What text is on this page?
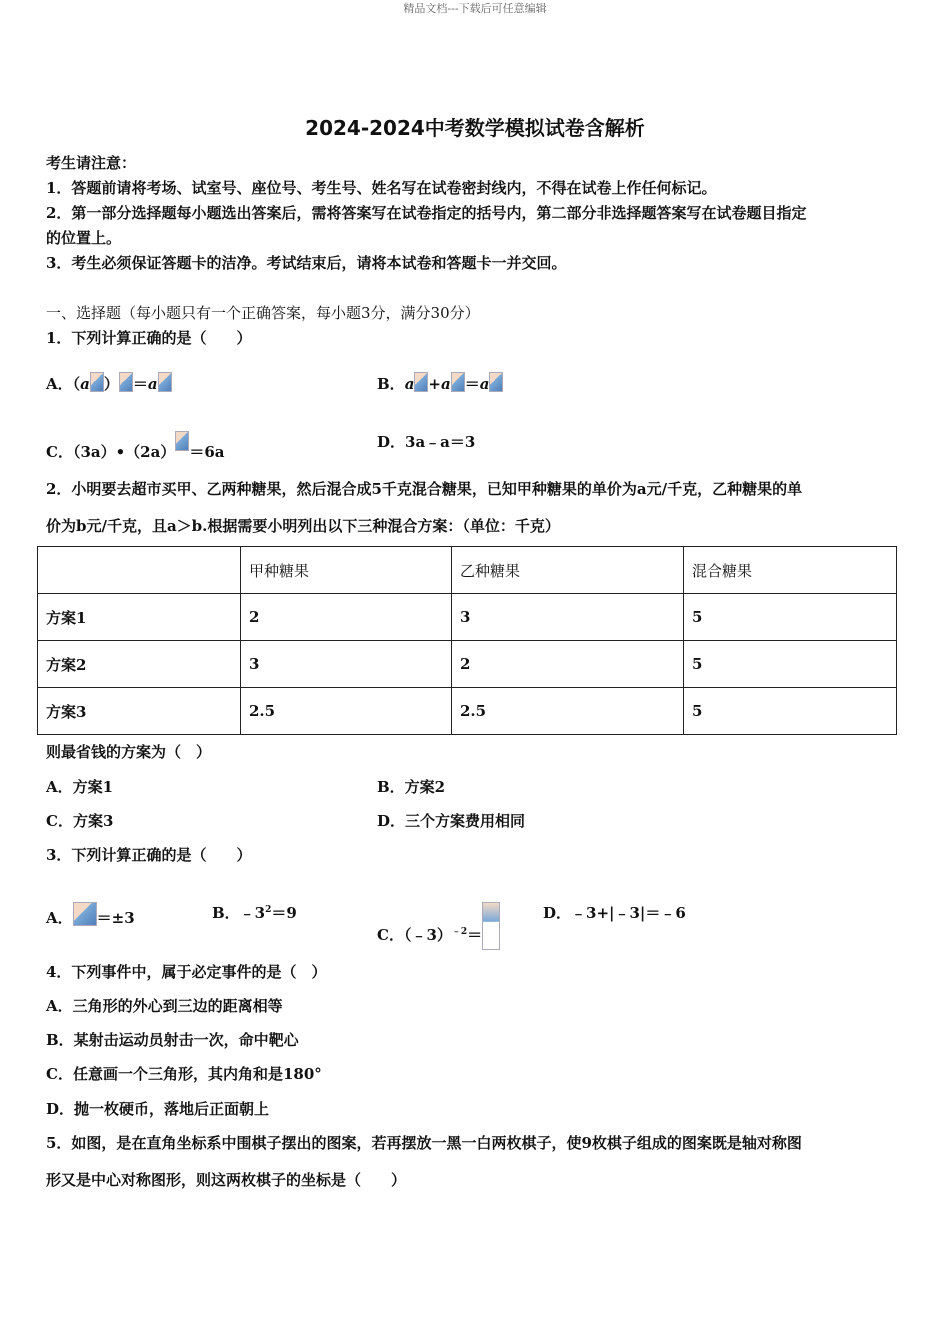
精品文档---下载后可任意编辑
2024-2024中考数学模拟试卷含解析
考生请注意：
1．答题前请将考场、试室号、座位号、考生号、姓名写在试卷密封线内，不得在试卷上作任何标记。
2．第一部分选择题每小题选出答案后，需将答案写在试卷指定的括号内，第二部分非选择题答案写在试卷题目指定
的位置上。
3．考生必须保证答题卡的洁净。考试结束后，请将本试卷和答题卡一并交回。
一、选择题（每小题只有一个正确答案，每小题3分，满分30分）
1．下列计算正确的是（　　）
A．（a ） ＝a	B．a +a ＝a
C．（3a）•（2a） ＝6a
D．3a﹣a＝3
2．小明要去超市买甲、乙两种糖果，然后混合成5千克混合糖果，已知甲种糖果的单价为a元/千克，乙种糖果的单
价为b元/千克，且a＞b.根据需要小明列出以下三种混合方案：（单位：千克）
	甲种糖果	乙种糖果	混合糖果
方案1	2	3	5
方案2	3	2	5
方案3	2.5	2.5	5
则最省钱的方案为（　）
A．方案1	B．方案2
C．方案3	D．三个方案费用相同
3．下列计算正确的是（　　）
A． ＝±3	B．$﹣3^2=9$
C．（﹣3）$^{﹣2}$＝
D．﹣3+|﹣3|＝﹣6
4．下列事件中，属于必定事件的是（　）
A．三角形的外心到三边的距离相等
B．某射击运动员射击一次，命中靶心
C．任意画一个三角形，其内角和是180°
D．抛一枚硬币，落地后正面朝上
5．如图，是在直角坐标系中围棋子摆出的图案，若再摆放一黑一白两枚棋子，使9枚棋子组成的图案既是轴对称图
形又是中心对称图形，则这两枚棋子的坐标是（　　）
